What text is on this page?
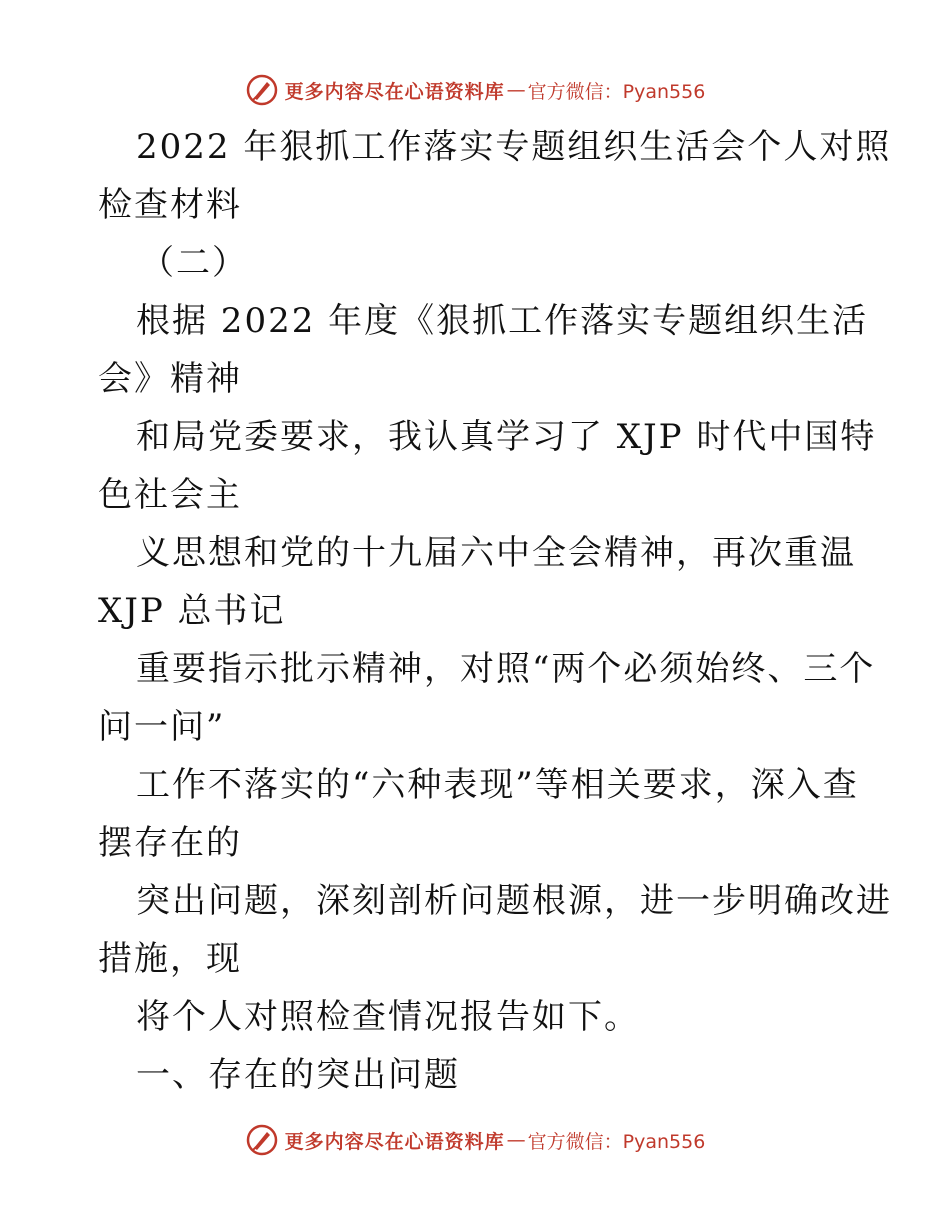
更多内容尽在心语资料库 — 官方微信：Pyan556
2022 年狠抓工作落实专题组织生活会个人对照
检查材料
（二）
根据 2022 年度《狠抓工作落实专题组织生活
会》精神
和局党委要求，我认真学习了 XJP 时代中国特
色社会主
义思想和党的十九届六中全会精神，再次重温
XJP 总书记
重要指示批示精神，对照“两个必须始终、三个
问一问”
工作不落实的“六种表现”等相关要求，深入查
摆存在的
突出问题，深刻剖析问题根源，进一步明确改进
措施，现
将个人对照检查情况报告如下。
一、存在的突出问题
更多内容尽在心语资料库 — 官方微信：Pyan556
